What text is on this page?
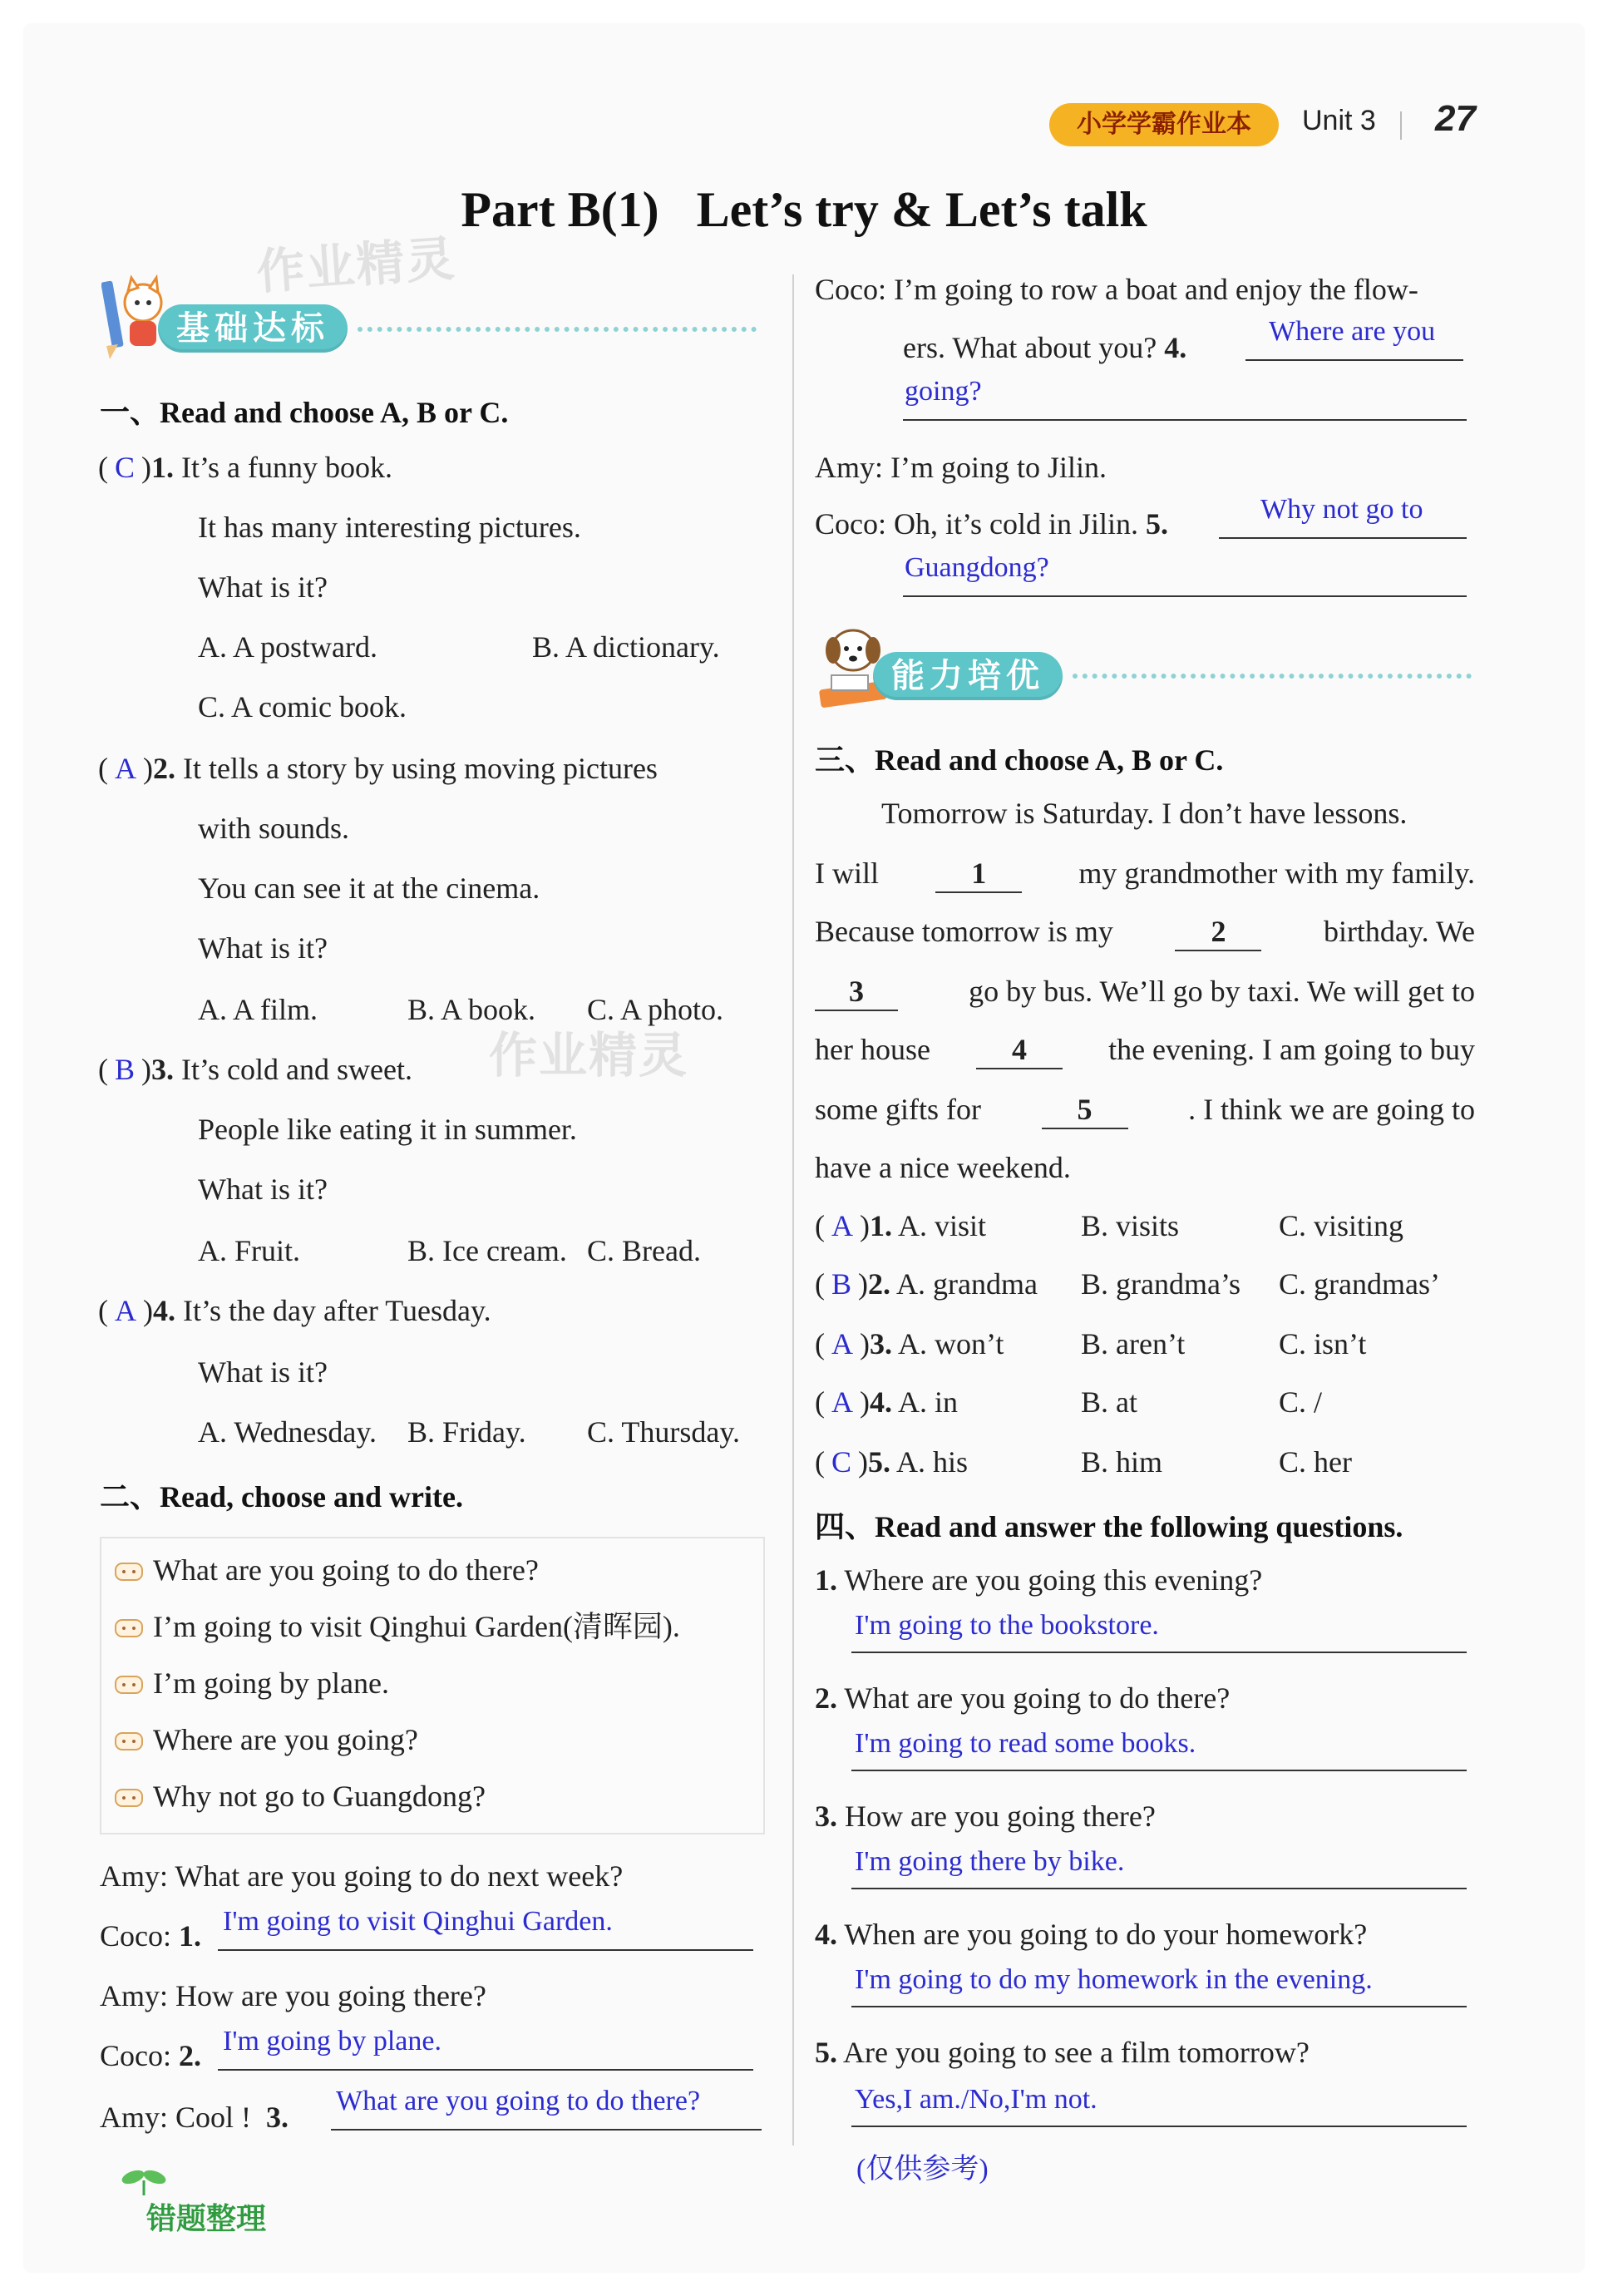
小学学霸作业本	Unit 3 27
Part B(1)   Let’s try & Let’s talk
作业精灵
作业精灵
基础达标
一、Read and choose A, B or C.
( C )1. It’s a funny book.
It has many interesting pictures.
What is it?
A. A postward.	B. A dictionary.
C. A comic book.
( A )2. It tells a story by using moving pictures
with sounds.
You can see it at the cinema.
What is it?
A. A film.	B. A book. C. A photo.
( B )3. It’s cold and sweet.
People like eating it in summer.
What is it?
A. Fruit.	B. Ice cream. C. Bread.
( A )4. It’s the day after Tuesday.
What is it?
A. Wednesday. B. Friday. C. Thursday.
二、Read, choose and write.
What are you going to do there?
I’m going to visit Qinghui Garden(清晖园).
I’m going by plane.
Where are you going?
Why not go to Guangdong?
Amy: What are you going to do next week?
Coco: 1. I'm going to visit Qinghui Garden.
Amy: How are you going there?
Coco: 2. I'm going by plane.
Amy: Cool ! 3. What are you going to do there?
错题整理
Coco: I’m going to row a boat and enjoy the flow-
ers. What about you? 4.	Where are you
going?
Amy: I’m going to Jilin.
Coco: Oh, it’s cold in Jilin. 5.	Why not go to
Guangdong?
能力培优
三、Read and choose A, B or C.
Tomorrow is Saturday. I don’t have lessons.
I will	1	my grandmother with my family.
Because tomorrow is my	2	birthday. We
3	go by bus. We’ll go by taxi. We will get to
her house	4	the evening. I am going to buy
some gifts for	5	. I think we are going to
have a nice weekend.
( A )1. A. visit	B. visits	C. visiting
( B )2. A. grandma B. grandma’s C. grandmas’
( A )3. A. won’t	B. aren’t	C. isn’t
( A )4. A. in	B. at	C. /
( C )5. A. his	B. him	C. her
四、Read and answer the following questions.
1. Where are you going this evening?
I'm going to the bookstore.
2. What are you going to do there?
I'm going to read some books.
3. How are you going there?
I'm going there by bike.
4. When are you going to do your homework?
I'm going to do my homework in the evening.
5. Are you going to see a film tomorrow?
Yes,I am./No,I'm not.
(仅供参考)
